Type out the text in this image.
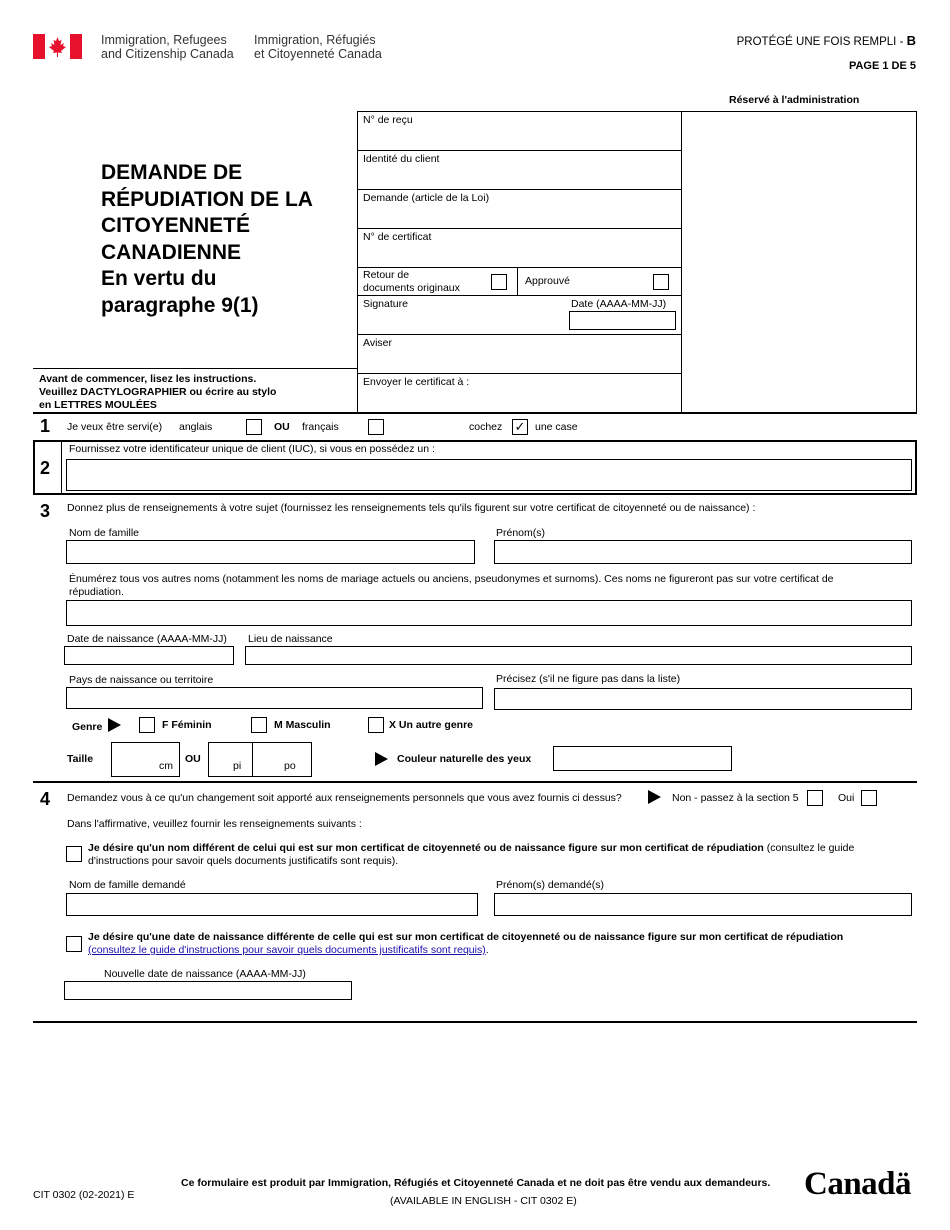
Immigration, Refugees
and Citizenship Canada
Immigration, Réfugiés
et Citoyenneté Canada
PROTÉGÉ UNE FOIS REMPLI - B
PAGE 1 DE 5
Réservé à l'administration
DEMANDE DE
RÉPUDIATION DE LA
CITOYENNETÉ
CANADIENNE
En vertu du
paragraphe 9(1)
Avant de commencer, lisez les instructions.
Veuillez DACTYLOGRAPHIER ou écrire au stylo
en LETTRES MOULÉES
N° de reçu
Identité du client
Demande (article de la Loi)
N° de certificat
Retour de
documents originaux
Approuvé
Signature	Date (AAAA-MM-JJ)
Aviser
Envoyer le certificat à :
1 Je veux être servi(e) anglais	OU français	cochez ✓ une case
2
Fournissez votre identificateur unique de client (IUC), si vous en possédez un :
3 Donnez plus de renseignements à votre sujet (fournissez les renseignements tels qu'ils figurent sur votre certificat de citoyenneté ou de naissance) :
Nom de famille	Prénom(s)
Énumérez tous vos autres noms (notamment les noms de mariage actuels ou anciens, pseudonymes et surnoms). Ces noms ne figureront pas sur votre certificat de
répudiation.
Date de naissance (AAAA-MM-JJ) Lieu de naissance
Pays de naissance ou territoire	Précisez (s'il ne figure pas dans la liste)
Genre	F Féminin	M Masculin	X Un autre genre
Taille
cm
OU
pi	po
Couleur naturelle des yeux
4 Demandez vous à ce qu'un changement soit apporté aux renseignements personnels que vous avez fournis ci dessus?	Non - passez à la section 5	Oui
Dans l'affirmative, veuillez fournir les renseignements suivants :
Je désire qu'un nom différent de celui qui est sur mon certificat de citoyenneté ou de naissance figure sur mon certificat de répudiation (consultez le guide
d'instructions pour savoir quels documents justificatifs sont requis).
Nom de famille demandé	Prénom(s) demandé(s)
Je désire qu'une date de naissance différente de celle qui est sur mon certificat de citoyenneté ou de naissance figure sur mon certificat de répudiation
(consultez le guide d'instructions pour savoir quels documents justificatifs sont requis).
Nouvelle date de naissance (AAAA-MM-JJ)
CIT 0302 (02-2021) E
Ce formulaire est produit par Immigration, Réfugiés et Citoyenneté Canada et ne doit pas être vendu aux demandeurs.
(AVAILABLE IN ENGLISH - CIT 0302 E)	Canadä
